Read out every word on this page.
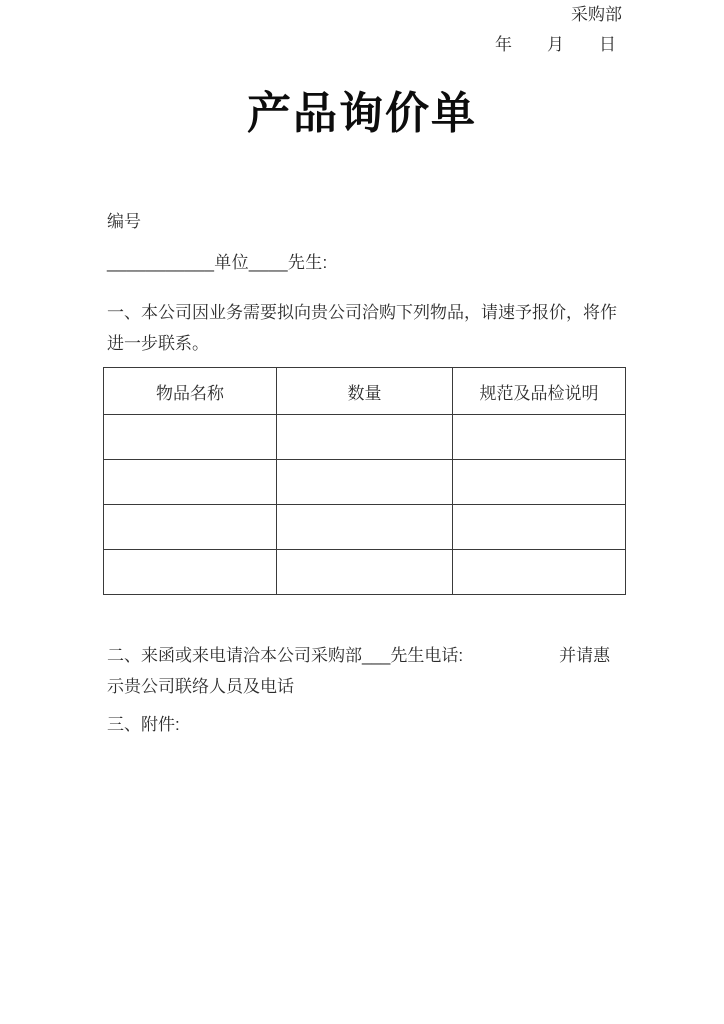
产品询价单
编号
___________单位____先生:
一、本公司因业务需要拟向贵公司洽购下列物品，请速予报价，将作进一步联系。
物品名称	数量	规范及品检说明

二、来函或来电请洽本公司采购部___先生电话:	并请惠示贵公司联络人员及电话
三、附件:
采购部
年 月 日
